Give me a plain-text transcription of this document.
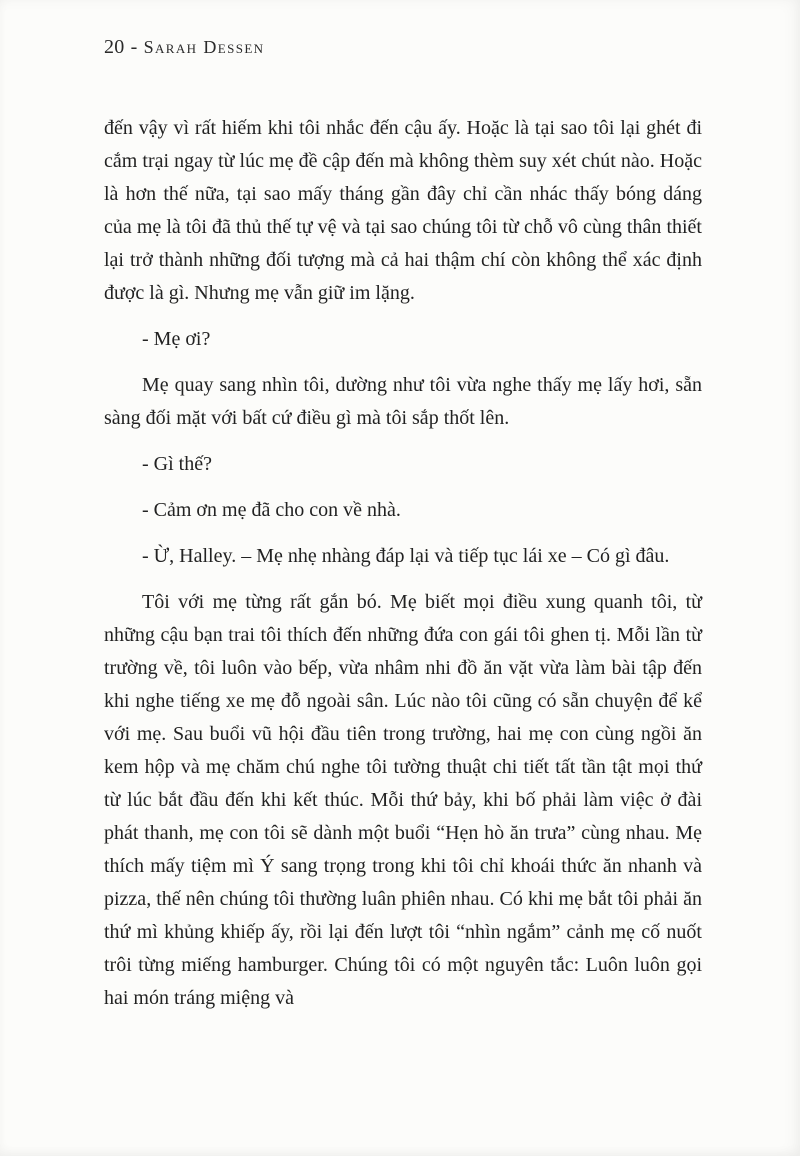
20 - Sarah Dessen

đến vậy vì rất hiếm khi tôi nhắc đến cậu ấy. Hoặc là tại sao tôi lại ghét đi cắm trại ngay từ lúc mẹ đề cập đến mà không thèm suy xét chút nào. Hoặc là hơn thế nữa, tại sao mấy tháng gần đây chỉ cần nhác thấy bóng dáng của mẹ là tôi đã thủ thế tự vệ và tại sao chúng tôi từ chỗ vô cùng thân thiết lại trở thành những đối tượng mà cả hai thậm chí còn không thể xác định được là gì. Nhưng mẹ vẫn giữ im lặng.

- Mẹ ơi?

Mẹ quay sang nhìn tôi, dường như tôi vừa nghe thấy mẹ lấy hơi, sẵn sàng đối mặt với bất cứ điều gì mà tôi sắp thốt lên.

- Gì thế?

- Cảm ơn mẹ đã cho con về nhà.

- Ừ, Halley. – Mẹ nhẹ nhàng đáp lại và tiếp tục lái xe – Có gì đâu.

Tôi với mẹ từng rất gắn bó. Mẹ biết mọi điều xung quanh tôi, từ những cậu bạn trai tôi thích đến những đứa con gái tôi ghen tị. Mỗi lần từ trường về, tôi luôn vào bếp, vừa nhâm nhi đồ ăn vặt vừa làm bài tập đến khi nghe tiếng xe mẹ đỗ ngoài sân. Lúc nào tôi cũng có sẵn chuyện để kể với mẹ. Sau buổi vũ hội đầu tiên trong trường, hai mẹ con cùng ngồi ăn kem hộp và mẹ chăm chú nghe tôi tường thuật chi tiết tất tần tật mọi thứ từ lúc bắt đầu đến khi kết thúc. Mỗi thứ bảy, khi bố phải làm việc ở đài phát thanh, mẹ con tôi sẽ dành một buổi “Hẹn hò ăn trưa” cùng nhau. Mẹ thích mấy tiệm mì Ý sang trọng trong khi tôi chỉ khoái thức ăn nhanh và pizza, thế nên chúng tôi thường luân phiên nhau. Có khi mẹ bắt tôi phải ăn thứ mì khủng khiếp ấy, rồi lại đến lượt tôi “nhìn ngắm” cảnh mẹ cố nuốt trôi từng miếng hamburger. Chúng tôi có một nguyên tắc: Luôn luôn gọi hai món tráng miệng và
